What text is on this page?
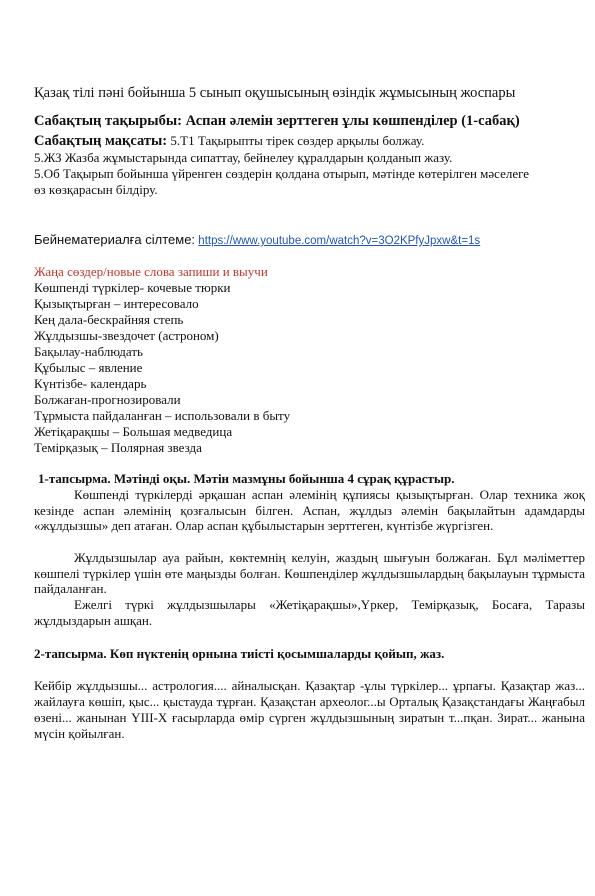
Қазақ тілі пәні бойынша 5 сынып оқушысының өзіндік жұмысының жоспары
Сабақтың тақырыбы: Аспан әлемін зерттеген ұлы көшпенділер (1-сабақ)
Сабақтың мақсаты: 5.Т1 Тақырыпты тірек сөздер арқылы болжау.
5.ЖЗ Жазба жұмыстарында сипаттау, бейнелеу құралдарын қолданып жазу.
5.Об Тақырып бойынша үйренген сөздерін қолдана отырып, мәтінде көтерілген мәселеге
өз көзқарасын білдіру.
Бейнематериалға сілтеме: https://www.youtube.com/watch?v=3O2KPfyJpxw&t=1s
Жаңа сөздер/новые слова запиши и выучи
Көшпенді түркілер- кочевые тюрки
Қызықтырған – интересовало
Кең дала-бескрайняя степь
Жұлдызшы-звездочет (астроном)
Бақылау-наблюдать
Құбылыс – явление
Күнтізбе- календарь
Болжаған-прогнозировали
Тұрмыста пайдаланған – использовали в быту
Жетіқарақшы – Большая медведица
Темірқазық – Полярная звезда
1-тапсырма. Мәтінді оқы. Мәтін мазмұны бойынша 4 сұрақ құрастыр.
Көшпенді түркілерді әрқашан аспан әлемінің құпиясы қызықтырған. Олар техника жоқ кезінде аспан әлемінің қозғалысын білген. Аспан, жұлдыз әлемін бақылайтын адамдарды «жұлдызшы» деп атаған. Олар аспан құбылыстарын зерттеген, күнтізбе жүргізген.
Жұлдызшылар ауа райын, көктемнің келуін, жаздың шығуын болжаған. Бұл мәліметтер көшпелі түркілер үшін өте маңызды болған. Көшпенділер жұлдызшылардың бақылауын тұрмыста пайдаланған.
Ежелгі түркі жұлдызшылары «Жетіқарақшы»,Үркер, Темірқазық, Босаға, Таразы жұлдыздарын ашқан.
2-тапсырма. Көп нүктенің орнына тиісті қосымшаларды қойып, жаз.
Кейбір жұлдызшы... астрология.... айналысқан. Қазақтар -ұлы түркілер... ұрпағы. Қазақтар жаз... жайлауға көшіп, қыс... қыстауда тұрған. Қазақстан археолог...ы Орталық Қазақстандағы Жаңғабыл өзені... жанынан ҮІІІ-Х ғасырларда өмір сүрген жұлдызшының зиратын т...пқан. Зират... жанына мүсін қойылған.
